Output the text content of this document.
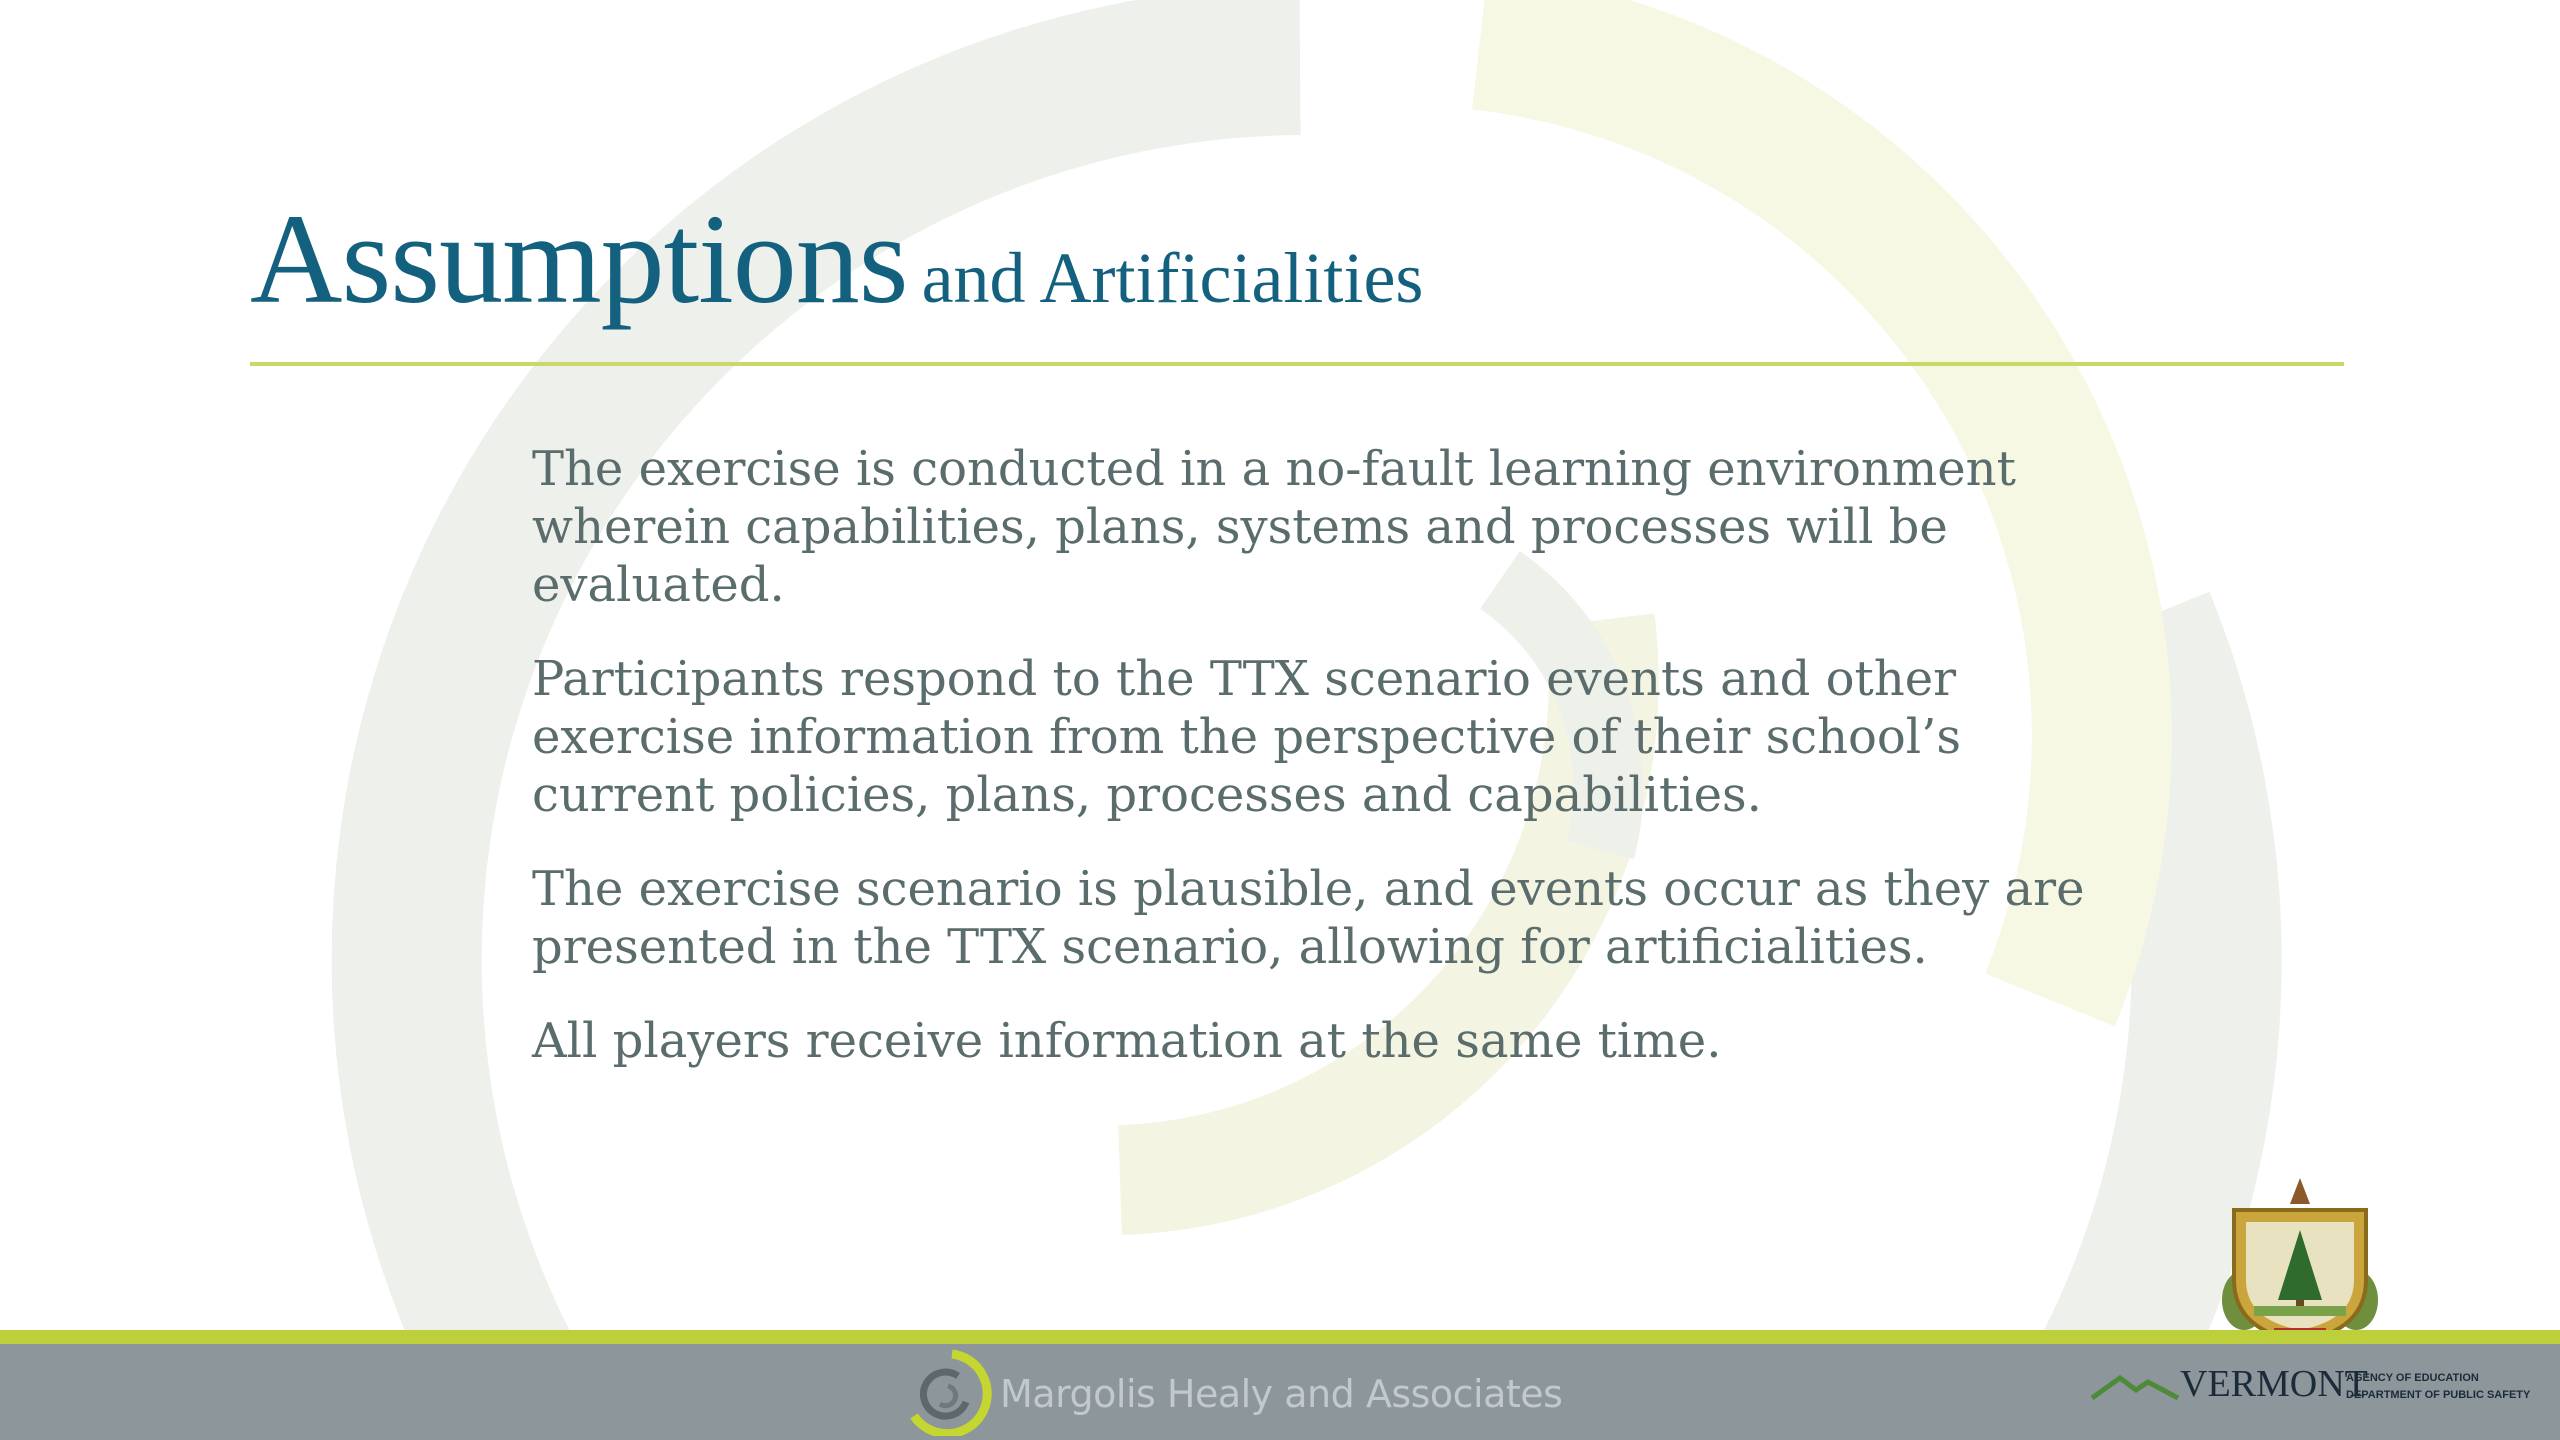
Assumptions and Artificialities

The exercise is conducted in a no-fault learning environment wherein capabilities, plans, systems and processes will be evaluated.

Participants respond to the TTX scenario events and other exercise information from the perspective of their school’s current policies, plans, processes and capabilities.

The exercise scenario is plausible, and events occur as they are presented in the TTX scenario, allowing for artificialities.

All players receive information at the same time.

Margolis Healy and Associates	VERMONT
AGENCY OF EDUCATION
DEPARTMENT OF PUBLIC SAFETY
